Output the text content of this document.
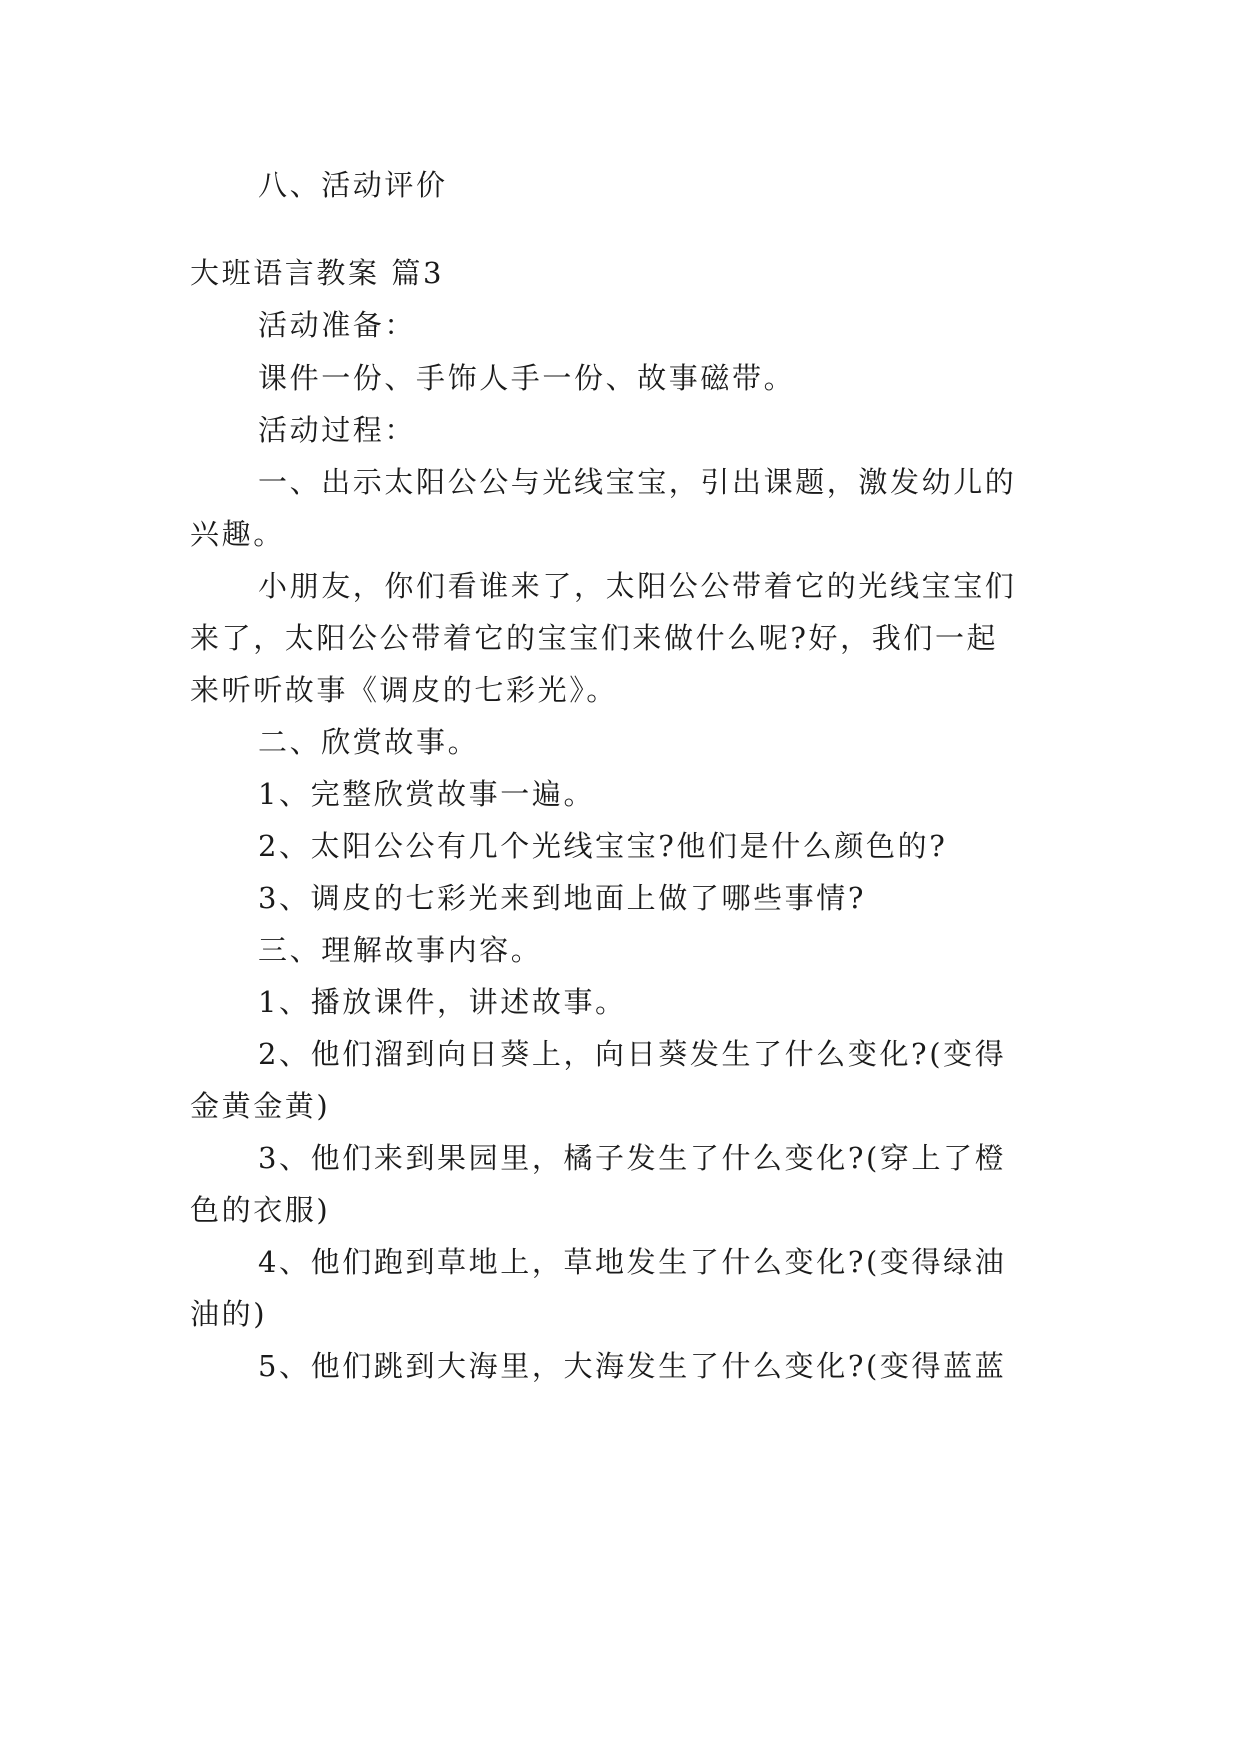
八、活动评价
大班语言教案 篇3
活动准备：
课件一份、手饰人手一份、故事磁带。
活动过程：
一、出示太阳公公与光线宝宝，引出课题，激发幼儿的
兴趣。
小朋友，你们看谁来了，太阳公公带着它的光线宝宝们
来了，太阳公公带着它的宝宝们来做什么呢?好，我们一起
来听听故事《调皮的七彩光》。
二、欣赏故事。
1、完整欣赏故事一遍。
2、太阳公公有几个光线宝宝?他们是什么颜色的?
3、调皮的七彩光来到地面上做了哪些事情?
三、理解故事内容。
1、播放课件，讲述故事。
2、他们溜到向日葵上，向日葵发生了什么变化?(变得
金黄金黄)
3、他们来到果园里，橘子发生了什么变化?(穿上了橙
色的衣服)
4、他们跑到草地上，草地发生了什么变化?(变得绿油
油的)
5、他们跳到大海里，大海发生了什么变化?(变得蓝蓝
